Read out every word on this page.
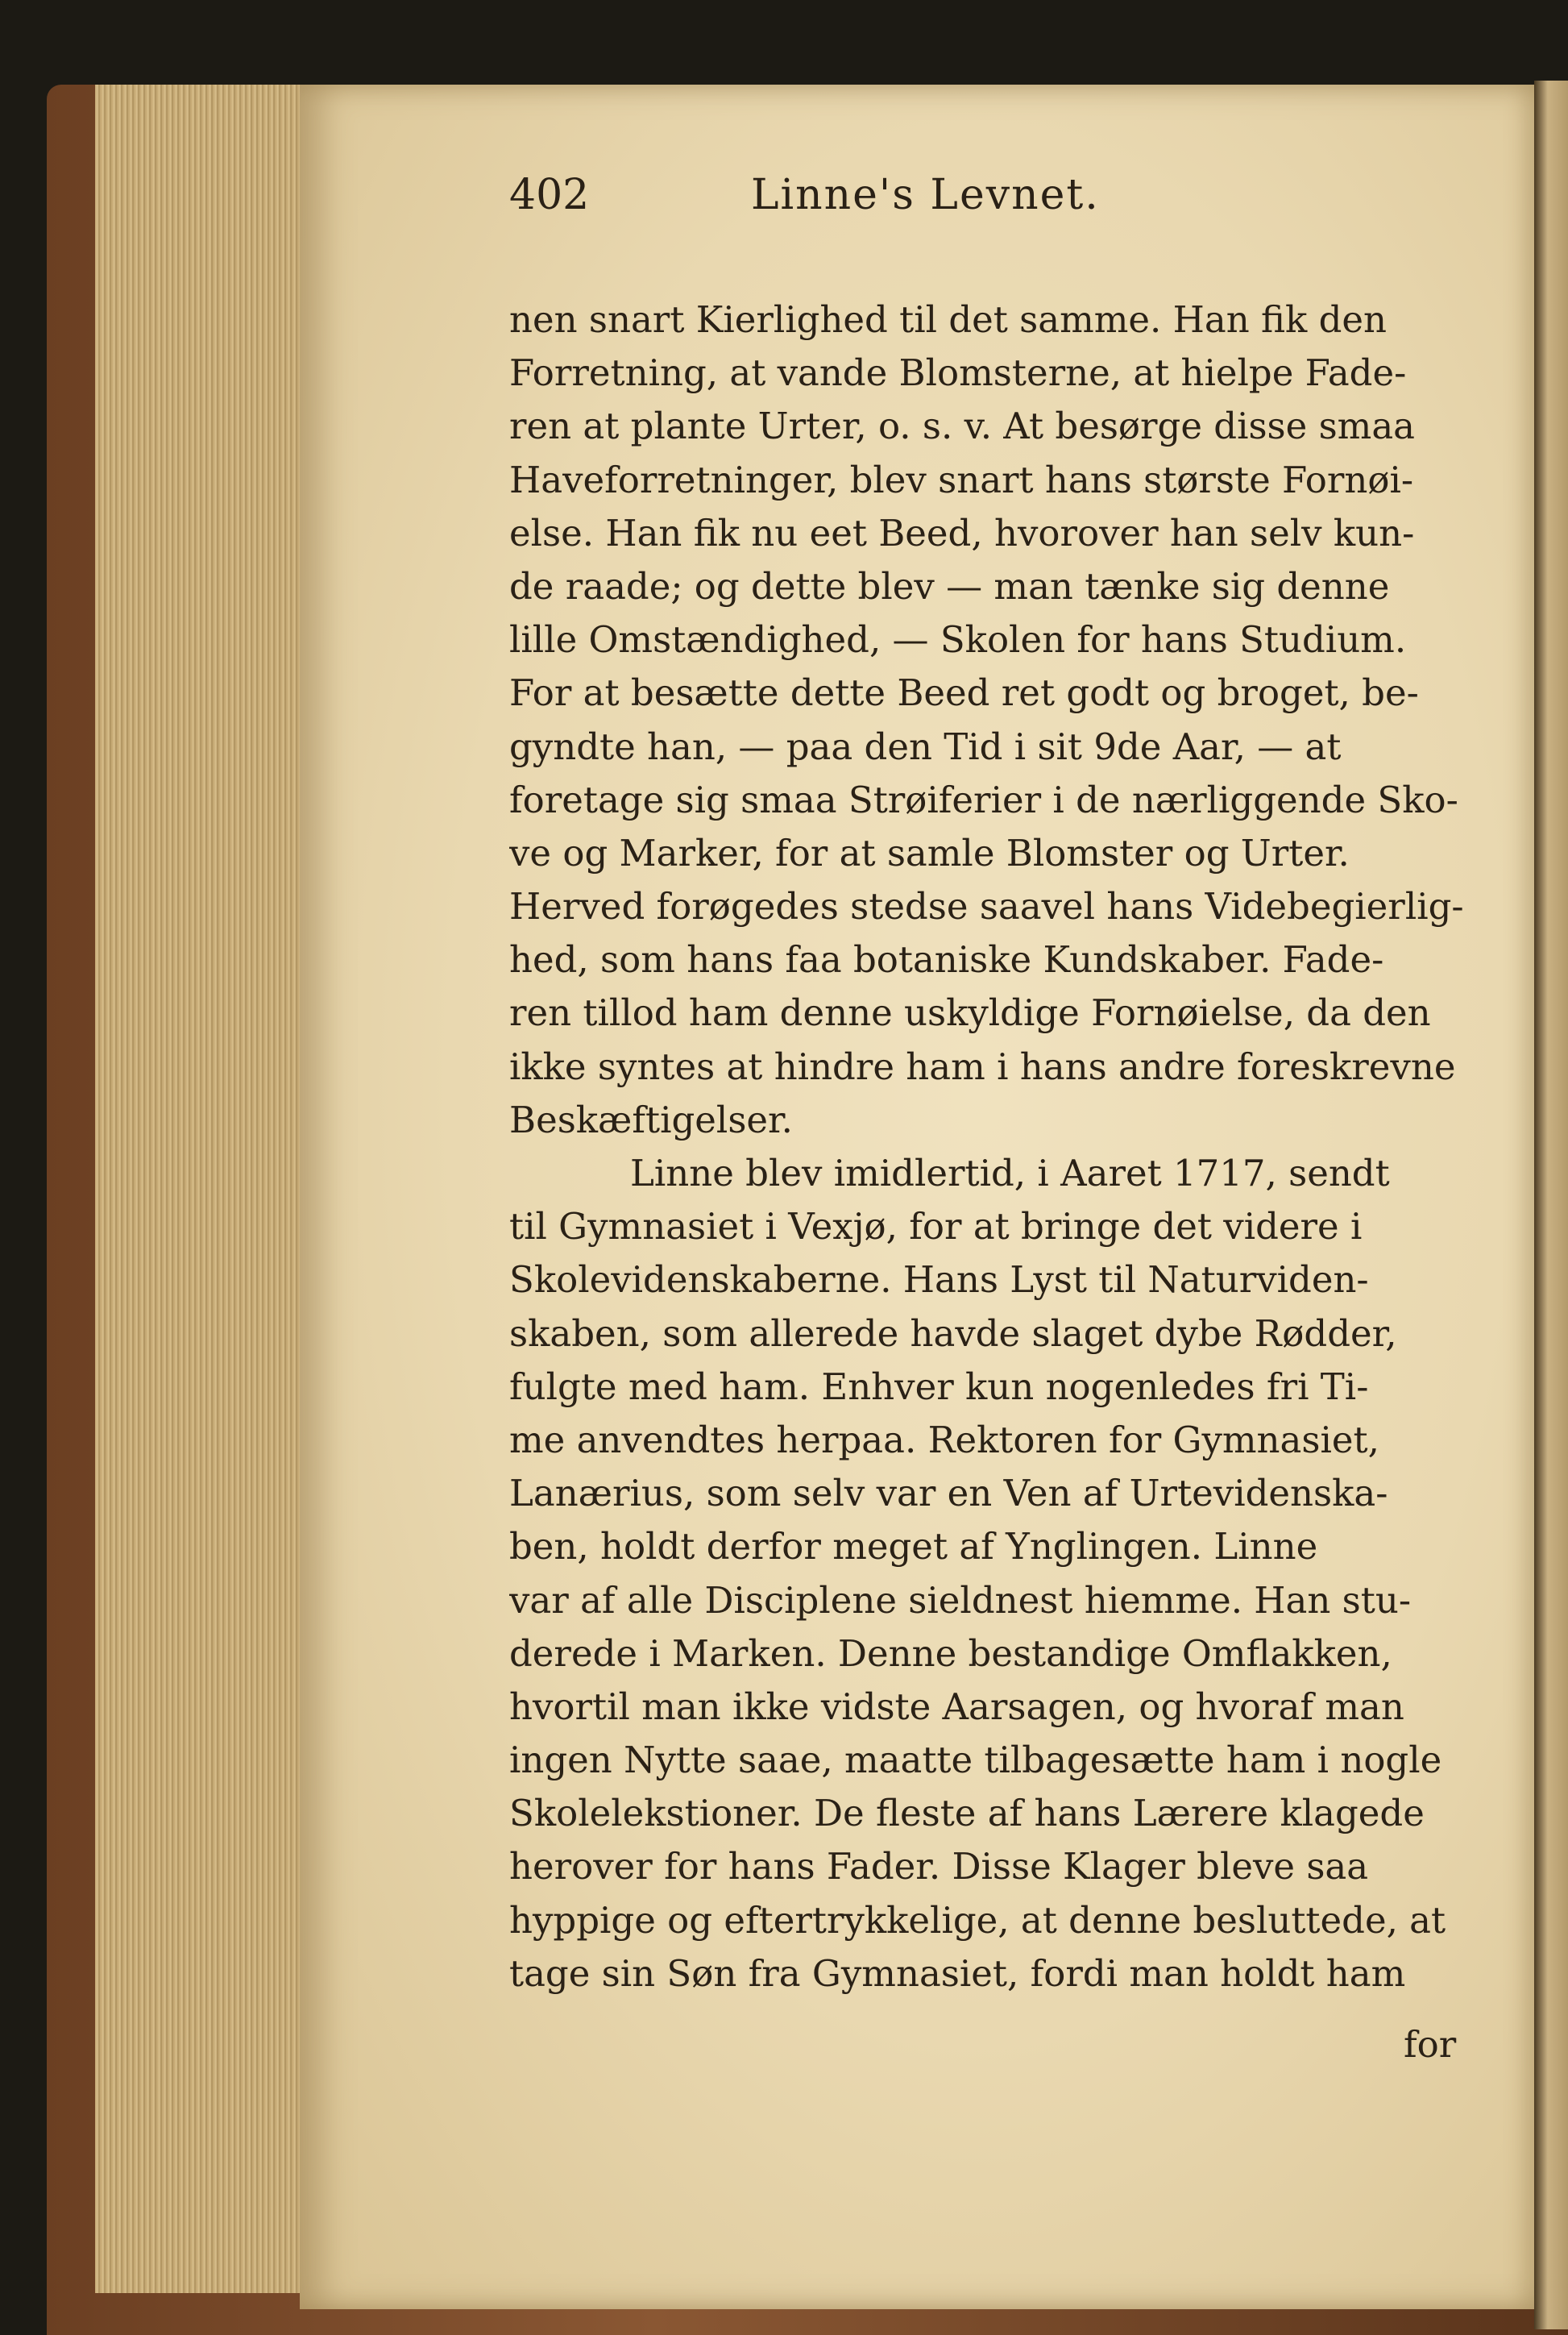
402	Linne's Levnet.
nen snart Kierlighed til det samme. Han fik den
Forretning, at vande Blomsterne, at hielpe Fade-
ren at plante Urter, o. s. v. At besørge disse smaa
Haveforretninger, blev snart hans største Fornøi-
else. Han fik nu eet Beed, hvorover han selv kun-
de raade; og dette blev — man tænke sig denne
lille Omstændighed, — Skolen for hans Studium.
For at besætte dette Beed ret godt og broget, be-
gyndte han, — paa den Tid i sit 9de Aar, — at
foretage sig smaa Strøiferier i de nærliggende Sko-
ve og Marker, for at samle Blomster og Urter.
Herved forøgedes stedse saavel hans Videbegierlig-
hed, som hans faa botaniske Kundskaber. Fade-
ren tillod ham denne uskyldige Fornøielse, da den
ikke syntes at hindre ham i hans andre foreskrevne
Beskæftigelser.
Linne blev imidlertid, i Aaret 1717, sendt
til Gymnasiet i Vexjø, for at bringe det videre i
Skolevidenskaberne. Hans Lyst til Naturviden-
skaben, som allerede havde slaget dybe Rødder,
fulgte med ham. Enhver kun nogenledes fri Ti-
me anvendtes herpaa. Rektoren for Gymnasiet,
Lanærius, som selv var en Ven af Urtevidenska-
ben, holdt derfor meget af Ynglingen. Linne
var af alle Disciplene sieldnest hiemme. Han stu-
derede i Marken. Denne bestandige Omflakken,
hvortil man ikke vidste Aarsagen, og hvoraf man
ingen Nytte saae, maatte tilbagesætte ham i nogle
Skolelekstioner. De fleste af hans Lærere klagede
herover for hans Fader. Disse Klager bleve saa
hyppige og eftertrykkelige, at denne besluttede, at
tage sin Søn fra Gymnasiet, fordi man holdt ham
for
